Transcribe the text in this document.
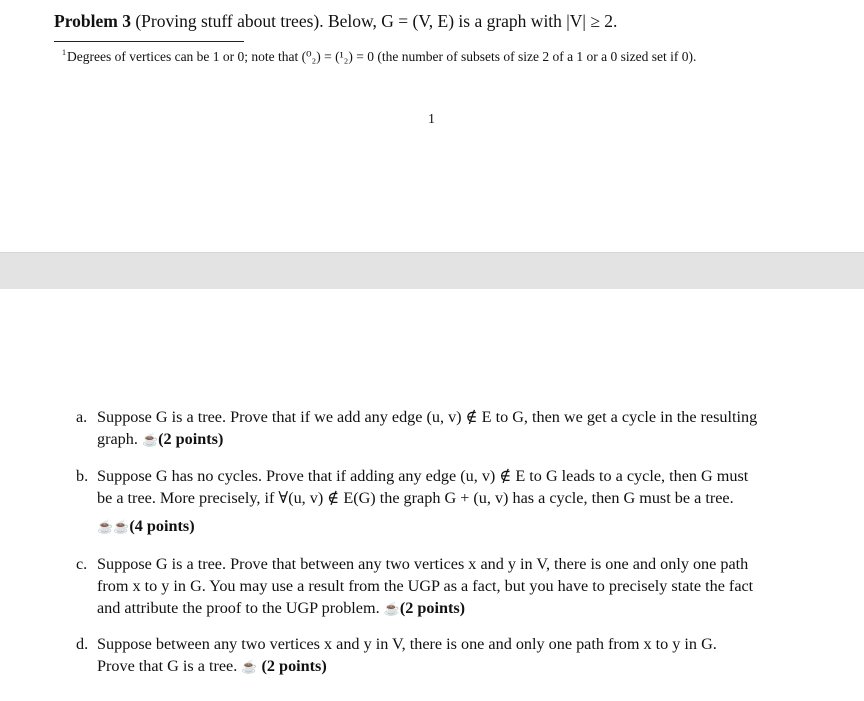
Problem 3 (Proving stuff about trees). Below, G = (V, E) is a graph with |V| ≥ 2.
$^1$Degrees of vertices can be 1 or 0; note that (⁰₂) = (¹₂) = 0 (the number of subsets of size 2 of a 1 or a 0 sized set if 0).
1
a. Suppose G is a tree. Prove that if we add any edge (u, v) ∉ E to G, then we get a cycle in the resulting
graph. ☕(2 points)
b. Suppose G has no cycles. Prove that if adding any edge (u, v) ∉ E to G leads to a cycle, then G must
be a tree. More precisely, if ∀(u, v) ∉ E(G) the graph G + (u, v) has a cycle, then G must be a tree.
☕☕(4 points)
c. Suppose G is a tree. Prove that between any two vertices x and y in V, there is one and only one path
from x to y in G. You may use a result from the UGP as a fact, but you have to precisely state the fact
and attribute the proof to the UGP problem. ☕(2 points)
d. Suppose between any two vertices x and y in V, there is one and only one path from x to y in G.
Prove that G is a tree. ☕ (2 points)
